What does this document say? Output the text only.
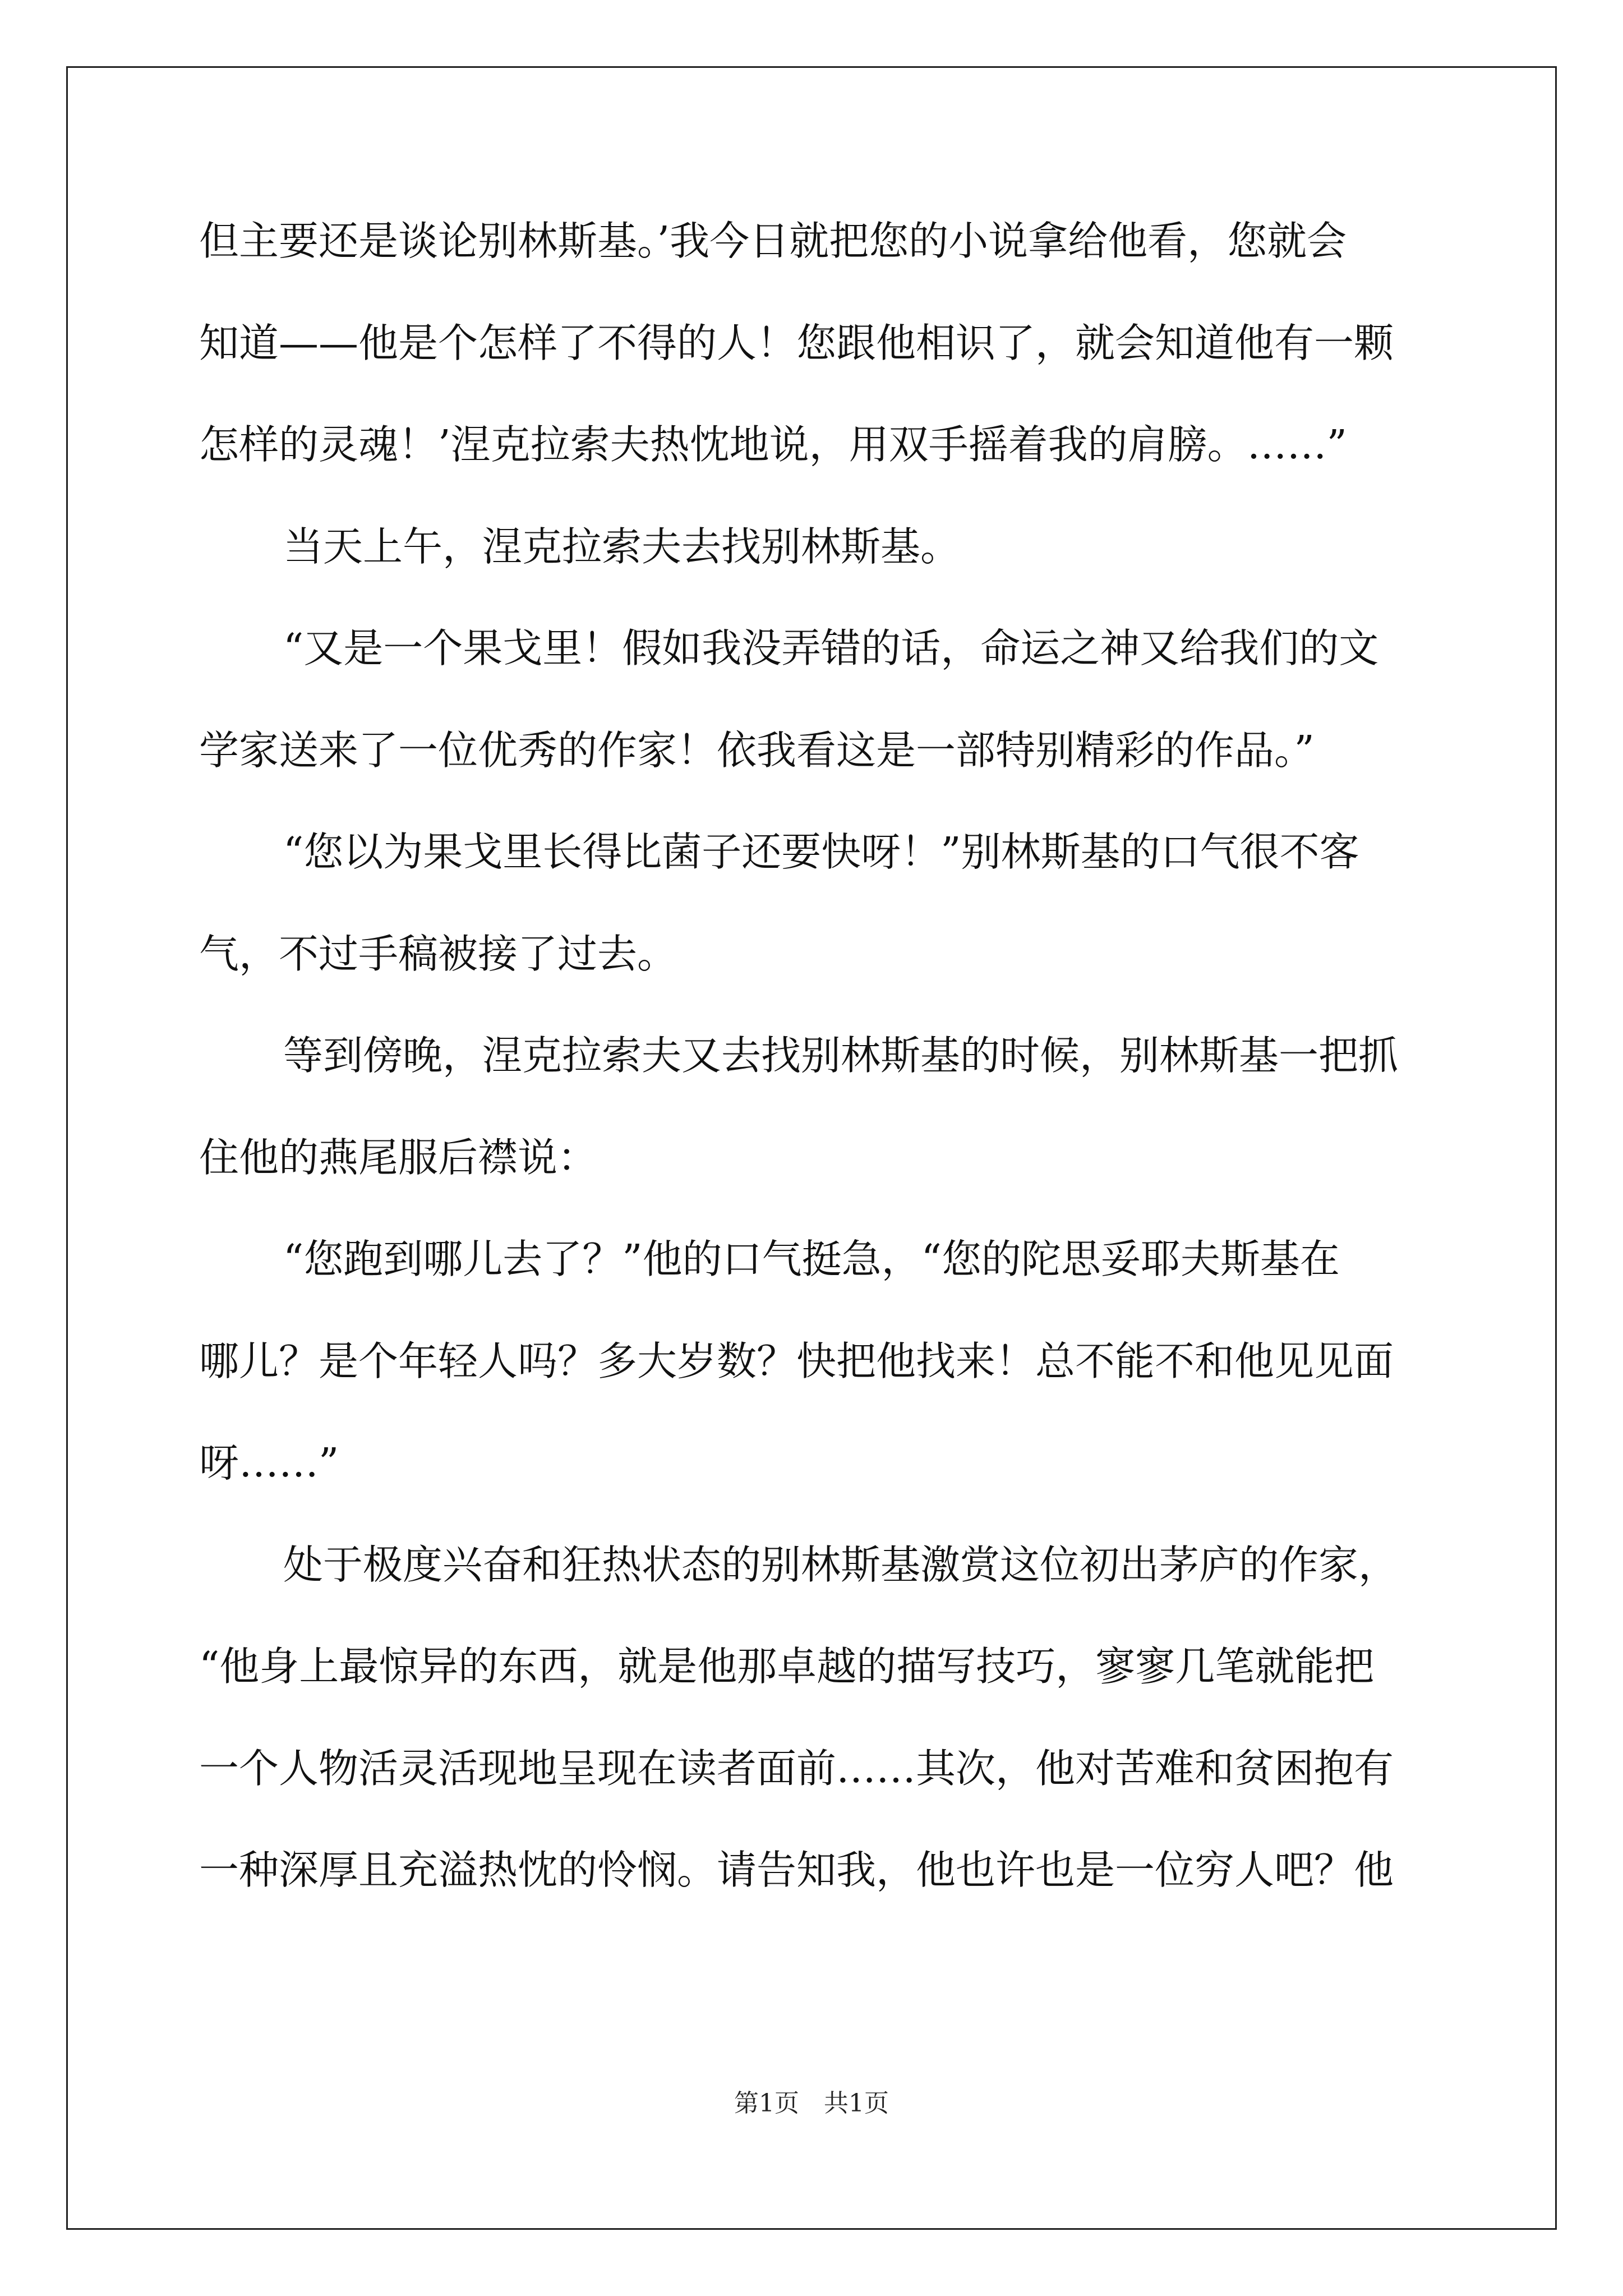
但主要还是谈论别林斯基。’我今日就把您的小说拿给他看，您就会
知道——他是个怎样了不得的人！您跟他相识了，就会知道他有一颗
怎样的灵魂！’涅克拉索夫热忱地说，用双手摇着我的肩膀。……”
当天上午，涅克拉索夫去找别林斯基。
“又是一个果戈里！假如我没弄错的话，命运之神又给我们的文
学家送来了一位优秀的作家！依我看这是一部特别精彩的作品。”
“您以为果戈里长得比菌子还要快呀！”别林斯基的口气很不客
气，不过手稿被接了过去。
等到傍晚，涅克拉索夫又去找别林斯基的时候，别林斯基一把抓
住他的燕尾服后襟说：
“您跑到哪儿去了？”他的口气挺急，“您的陀思妥耶夫斯基在
哪儿？是个年轻人吗？多大岁数？快把他找来！总不能不和他见见面
呀……”
处于极度兴奋和狂热状态的别林斯基激赏这位初出茅庐的作家，
“他身上最惊异的东西，就是他那卓越的描写技巧，寥寥几笔就能把
一个人物活灵活现地呈现在读者面前……其次，他对苦难和贫困抱有
一种深厚且充溢热忱的怜悯。请告知我，他也许也是一位穷人吧？他
第1页　共1页
